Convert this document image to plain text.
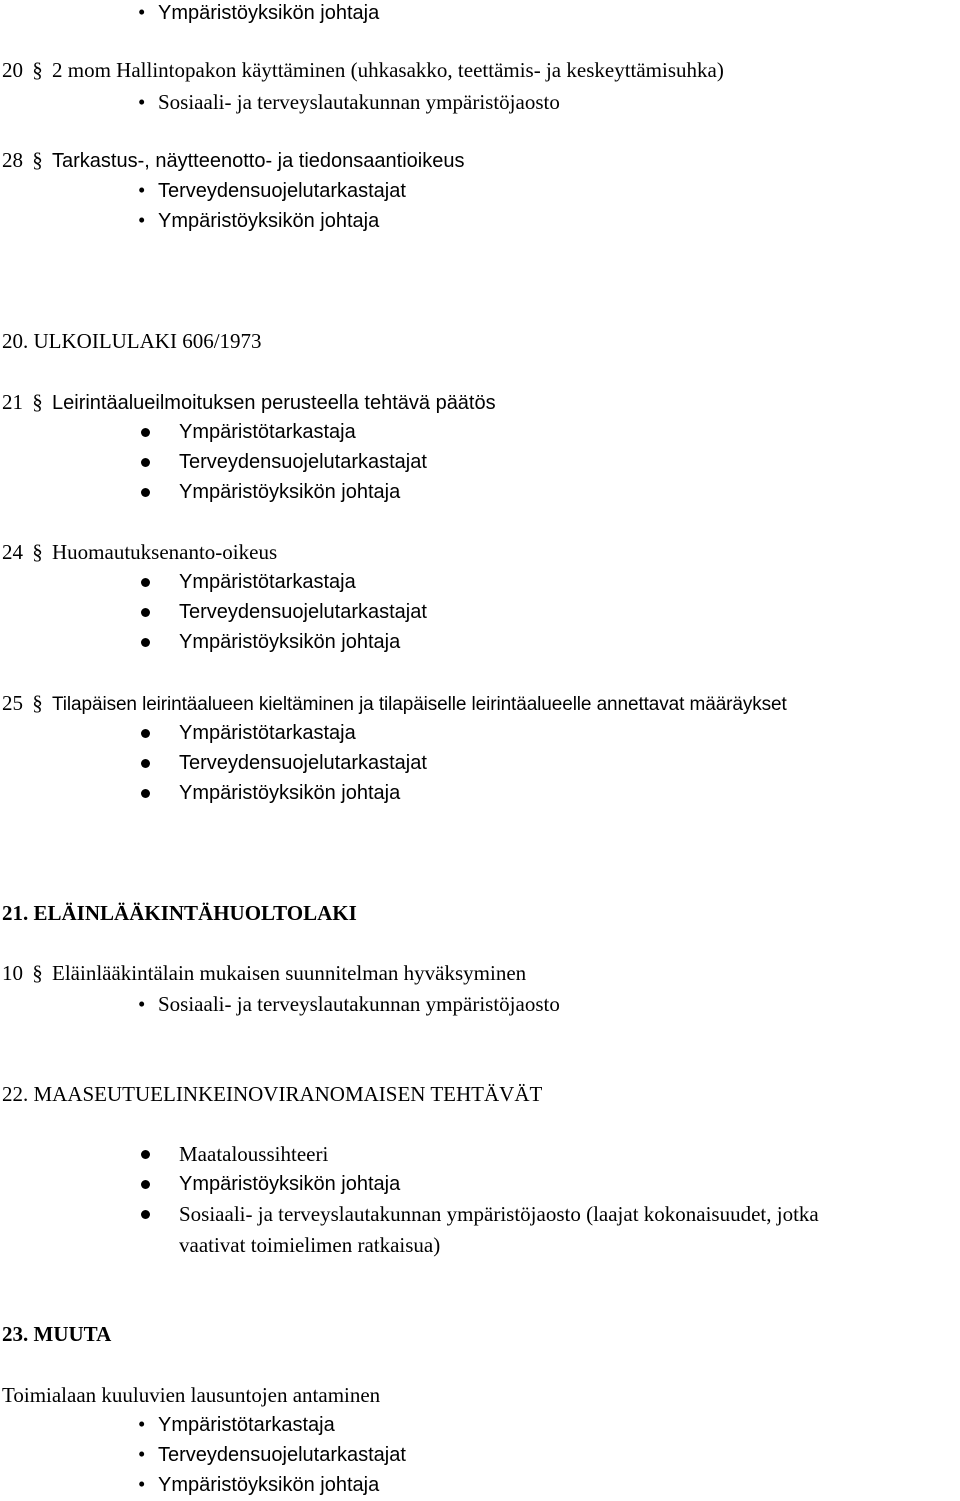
• Ympäristöyksikön johtaja
20 § 2 mom Hallintopakon käyttäminen (uhkasakko, teettämis- ja keskeyttämisuhka)
• Sosiaali- ja terveyslautakunnan ympäristöjaosto
28 § Tarkastus-, näytteenotto- ja tiedonsaantioikeus
• Terveydensuojelutarkastajat
• Ympäristöyksikön johtaja
20. ULKOILULAKI 606/1973
21 § Leirintäalueilmoituksen perusteella tehtävä päätös
Ympäristötarkastaja
Terveydensuojelutarkastajat
Ympäristöyksikön johtaja
24 § Huomautuksenanto-oikeus
Ympäristötarkastaja
Terveydensuojelutarkastajat
Ympäristöyksikön johtaja
25 § Tilapäisen leirintäalueen kieltäminen ja tilapäiselle leirintäalueelle annettavat määräykset
Ympäristötarkastaja
Terveydensuojelutarkastajat
Ympäristöyksikön johtaja
21. ELÄINLÄÄKINTÄHUOLTOLAKI
10 § Eläinlääkintälain mukaisen suunnitelman hyväksyminen
• Sosiaali- ja terveyslautakunnan ympäristöjaosto
22. MAASEUTUELINKEINOVIRANOMAISEN TEHTÄVÄT
Maataloussihteeri
Ympäristöyksikön johtaja
Sosiaali- ja terveyslautakunnan ympäristöjaosto (laajat kokonaisuudet, jotka
vaativat toimielimen ratkaisua)
23. MUUTA
Toimialaan kuuluvien lausuntojen antaminen
• Ympäristötarkastaja
• Terveydensuojelutarkastajat
• Ympäristöyksikön johtaja
